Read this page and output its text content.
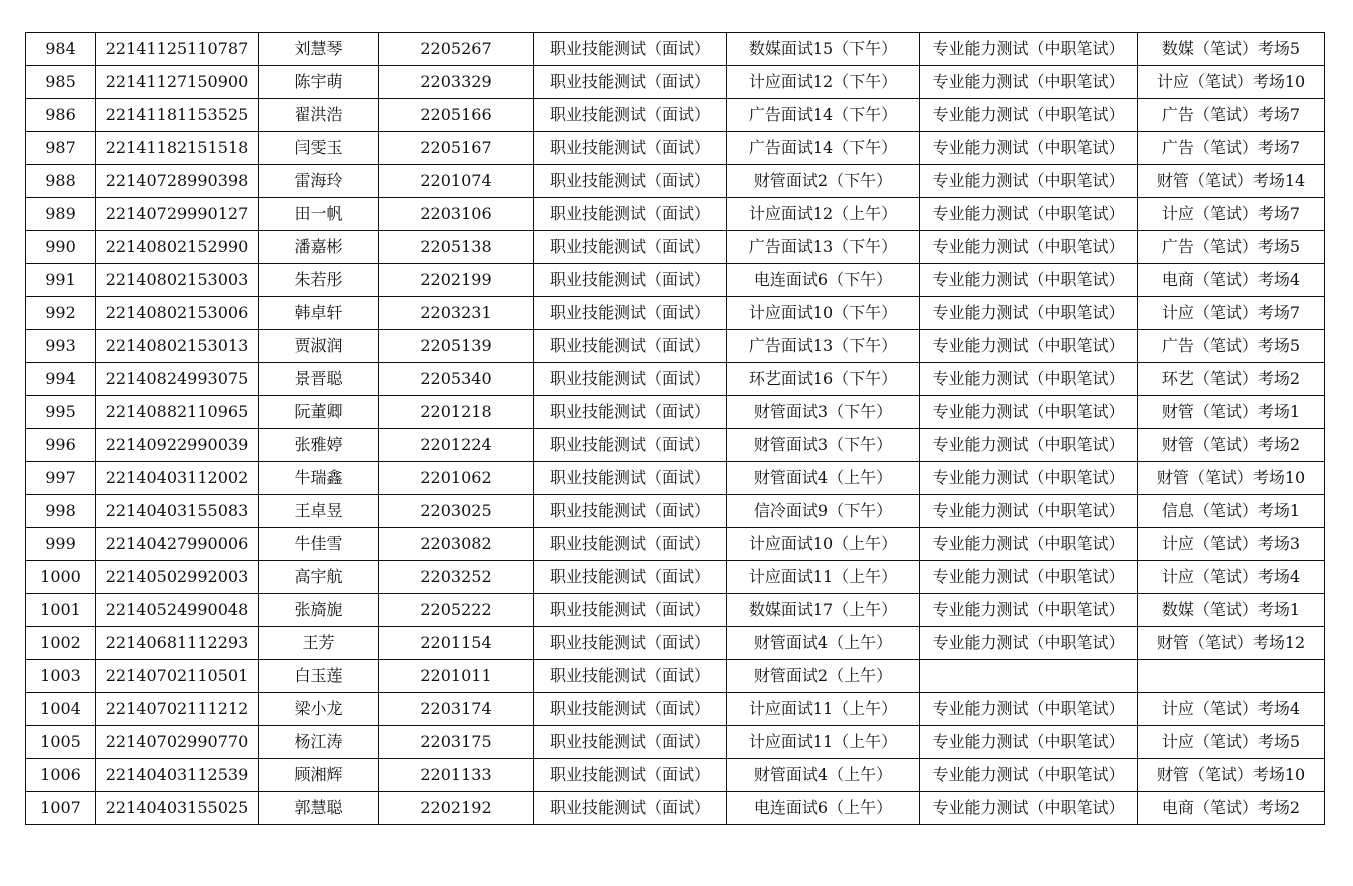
984	22141125110787	刘慧琴	2205267	职业技能测试（面试）	数媒面试15（下午）	专业能力测试（中职笔试）	数媒（笔试）考场5
985	22141127150900	陈宇萌	2203329	职业技能测试（面试）	计应面试12（下午）	专业能力测试（中职笔试）	计应（笔试）考场10
986	22141181153525	翟洪浩	2205166	职业技能测试（面试）	广告面试14（下午）	专业能力测试（中职笔试）	广告（笔试）考场7
987	22141182151518	闫雯玉	2205167	职业技能测试（面试）	广告面试14（下午）	专业能力测试（中职笔试）	广告（笔试）考场7
988	22140728990398	雷海玲	2201074	职业技能测试（面试）	财管面试2（下午）	专业能力测试（中职笔试）	财管（笔试）考场14
989	22140729990127	田一帆	2203106	职业技能测试（面试）	计应面试12（上午）	专业能力测试（中职笔试）	计应（笔试）考场7
990	22140802152990	潘嘉彬	2205138	职业技能测试（面试）	广告面试13（下午）	专业能力测试（中职笔试）	广告（笔试）考场5
991	22140802153003	朱若彤	2202199	职业技能测试（面试）	电连面试6（下午）	专业能力测试（中职笔试）	电商（笔试）考场4
992	22140802153006	韩卓轩	2203231	职业技能测试（面试）	计应面试10（下午）	专业能力测试（中职笔试）	计应（笔试）考场7
993	22140802153013	贾淑润	2205139	职业技能测试（面试）	广告面试13（下午）	专业能力测试（中职笔试）	广告（笔试）考场5
994	22140824993075	景晋聪	2205340	职业技能测试（面试）	环艺面试16（下午）	专业能力测试（中职笔试）	环艺（笔试）考场2
995	22140882110965	阮董卿	2201218	职业技能测试（面试）	财管面试3（下午）	专业能力测试（中职笔试）	财管（笔试）考场1
996	22140922990039	张雅婷	2201224	职业技能测试（面试）	财管面试3（下午）	专业能力测试（中职笔试）	财管（笔试）考场2
997	22140403112002	牛瑞鑫	2201062	职业技能测试（面试）	财管面试4（上午）	专业能力测试（中职笔试）	财管（笔试）考场10
998	22140403155083	王卓昱	2203025	职业技能测试（面试）	信冷面试9（下午）	专业能力测试（中职笔试）	信息（笔试）考场1
999	22140427990006	牛佳雪	2203082	职业技能测试（面试）	计应面试10（上午）	专业能力测试（中职笔试）	计应（笔试）考场3
1000	22140502992003	高宇航	2203252	职业技能测试（面试）	计应面试11（上午）	专业能力测试（中职笔试）	计应（笔试）考场4
1001	22140524990048	张旖旎	2205222	职业技能测试（面试）	数媒面试17（上午）	专业能力测试（中职笔试）	数媒（笔试）考场1
1002	22140681112293	王芳	2201154	职业技能测试（面试）	财管面试4（上午）	专业能力测试（中职笔试）	财管（笔试）考场12
1003	22140702110501	白玉莲	2201011	职业技能测试（面试）	财管面试2（上午）		
1004	22140702111212	梁小龙	2203174	职业技能测试（面试）	计应面试11（上午）	专业能力测试（中职笔试）	计应（笔试）考场4
1005	22140702990770	杨江涛	2203175	职业技能测试（面试）	计应面试11（上午）	专业能力测试（中职笔试）	计应（笔试）考场5
1006	22140403112539	顾湘辉	2201133	职业技能测试（面试）	财管面试4（上午）	专业能力测试（中职笔试）	财管（笔试）考场10
1007	22140403155025	郭慧聪	2202192	职业技能测试（面试）	电连面试6（上午）	专业能力测试（中职笔试）	电商（笔试）考场2
